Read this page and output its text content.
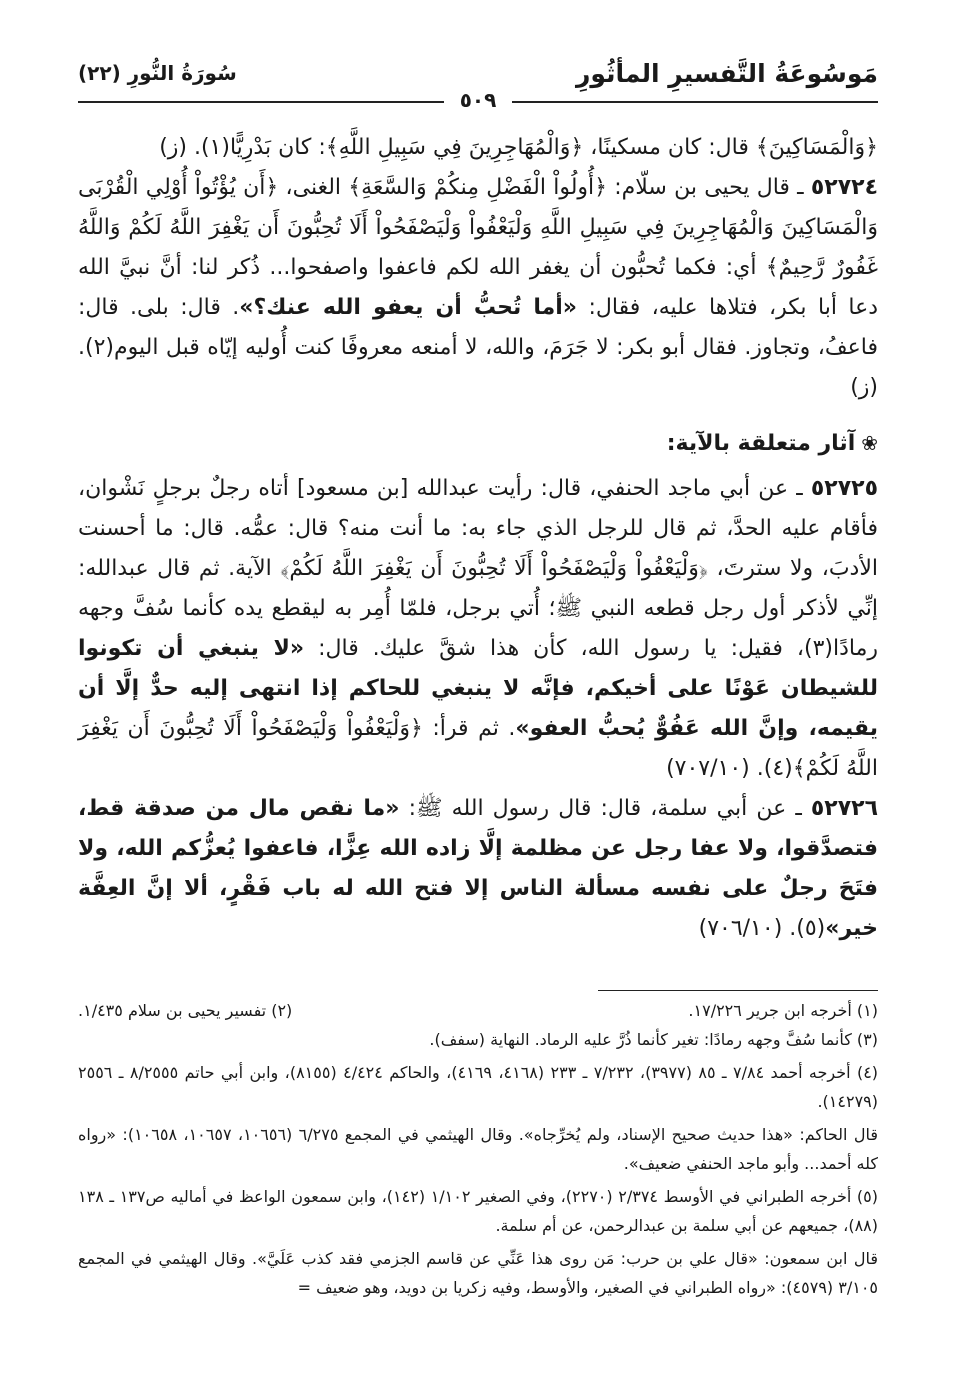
مَوسُوعَةُ التَّفسيرِ المأثُورِ
سُورَةُ النُّورِ (٢٢)
٥٠٩

﴿وَالْمَسَاكِينَ﴾ قال: كان مسكينًا، ﴿وَالْمُهَاجِرِينَ فِي سَبِيلِ اللَّهِ﴾: كان بَدْرِيًّا(١). (ز)

٥٢٧٢٤ ـ قال يحيى بن سلّام: ﴿أُولُواْ الْفَضْلِ مِنكُمْ وَالسَّعَةِ﴾ الغنى، ﴿أَن يُؤْتُواْ أُوْلِي الْقُرْبَى وَالْمَسَاكِينَ وَالْمُهَاجِرِينَ فِي سَبِيلِ اللَّهِ وَلْيَعْفُواْ وَلْيَصْفَحُواْ أَلَا تُحِبُّونَ أَن يَغْفِرَ اللَّهُ لَكُمْ وَاللَّهُ غَفُورٌ رَّحِيمٌ﴾ أي: فكما تُحبُّون أن يغفر الله لكم فاعفوا واصفحوا... ذُكر لنا: أنَّ نبيَّ الله دعا أبا بكر، فتلاها عليه، فقال: «أما تُحبُّ أن يعفو الله عنك؟». قال: بلى. قال: فاعفُ، وتجاوز. فقال أبو بكر: لا جَرَمَ، والله، لا أمنعه معروفًا كنت أُوليه إيّاه قبل اليوم(٢). (ز)

❀آثار متعلقة بالآية:

٥٢٧٢٥ ـ عن أبي ماجد الحنفي، قال: رأيت عبدالله [بن مسعود] أتاه رجلٌ برجلٍ نَشْوان، فأقام عليه الحدَّ، ثم قال للرجل الذي جاء به: ما أنت منه؟ قال: عمُّه. قال: ما أحسنت الأدبَ، ولا سترتَ، ﴿وَلْيَعْفُواْ وَلْيَصْفَحُواْ أَلَا تُحِبُّونَ أَن يَغْفِرَ اللَّهُ لَكُمْ﴾ الآية. ثم قال عبدالله: إنِّي لأذكر أول رجل قطعه النبي ﷺ؛ أُتي برجل، فلمّا أُمِر به ليقطع يده كأنما سُفَّ وجهه رمادًا(٣)، فقيل: يا رسول الله، كأن هذا شقَّ عليك. قال: «لا ينبغي أن تكونوا للشيطان عَوْنًا على أخيكم، فإنَّه لا ينبغي للحاكم إذا انتهى إليه حدٌّ إلَّا أن يقيمه، وإنَّ الله عَفُوٌّ يُحبُّ العفو». ثم قرأ: ﴿وَلْيَعْفُواْ وَلْيَصْفَحُواْ أَلَا تُحِبُّونَ أَن يَغْفِرَ اللَّهُ لَكُمْ﴾(٤). (٧٠٧/١٠)

٥٢٧٢٦ ـ عن أبي سلمة، قال: قال رسول الله ﷺ: «ما نقص مال من صدقة قط، فتصدَّقوا، ولا عفا رجل عن مظلمة إلَّا زاده الله عِزًّا، فاعفوا يُعزُّكم الله، ولا فتَحَ رجلٌ على نفسه مسألة الناس إلا فتح الله له باب فَقْرٍ، ألا إنَّ العِفَّة خير»(٥). (٧٠٦/١٠)

(١) أخرجه ابن جرير ١٧/٢٢٦.
(٢) تفسير يحيى بن سلام ١/٤٣٥.

(٣) كأنما سُفَّ وجهه رمادًا: تغير كأنما ذُرَّ عليه الرماد. النهاية (سفف).

(٤) أخرجه أحمد ٧/٨٤ ـ ٨٥ (٣٩٧٧)، ٧/٢٣٢ ـ ٢٣٣ (٤١٦٨، ٤١٦٩)، والحاكم ٤/٤٢٤ (٨١٥٥)، وابن أبي حاتم ٨/٢٥٥٥ ـ ٢٥٥٦ (١٤٢٧٩).

قال الحاكم: «هذا حديث صحيح الإسناد، ولم يُخرِّجاه». وقال الهيثمي في المجمع ٦/٢٧٥ (١٠٦٥٦، ١٠٦٥٧، ١٠٦٥٨): «رواه كله أحمد... وأبو ماجد الحنفي ضعيف».

(٥) أخرجه الطبراني في الأوسط ٢/٣٧٤ (٢٢٧٠)، وفي الصغير ١/١٠٢ (١٤٢)، وابن سمعون الواعظ في أماليه ص١٣٧ ـ ١٣٨ (٨٨)، جميعهم عن أبي سلمة بن عبدالرحمن، عن أم سلمة.

قال ابن سمعون: «قال علي بن حرب: مَن روى هذا عَنِّي عن قاسم الجزمي فقد كذب عَلَيَّ». وقال الهيثمي في المجمع ٣/١٠٥ (٤٥٧٩): «رواه الطبراني في الصغير، والأوسط، وفيه زكريا بن دويد، وهو ضعيف =
